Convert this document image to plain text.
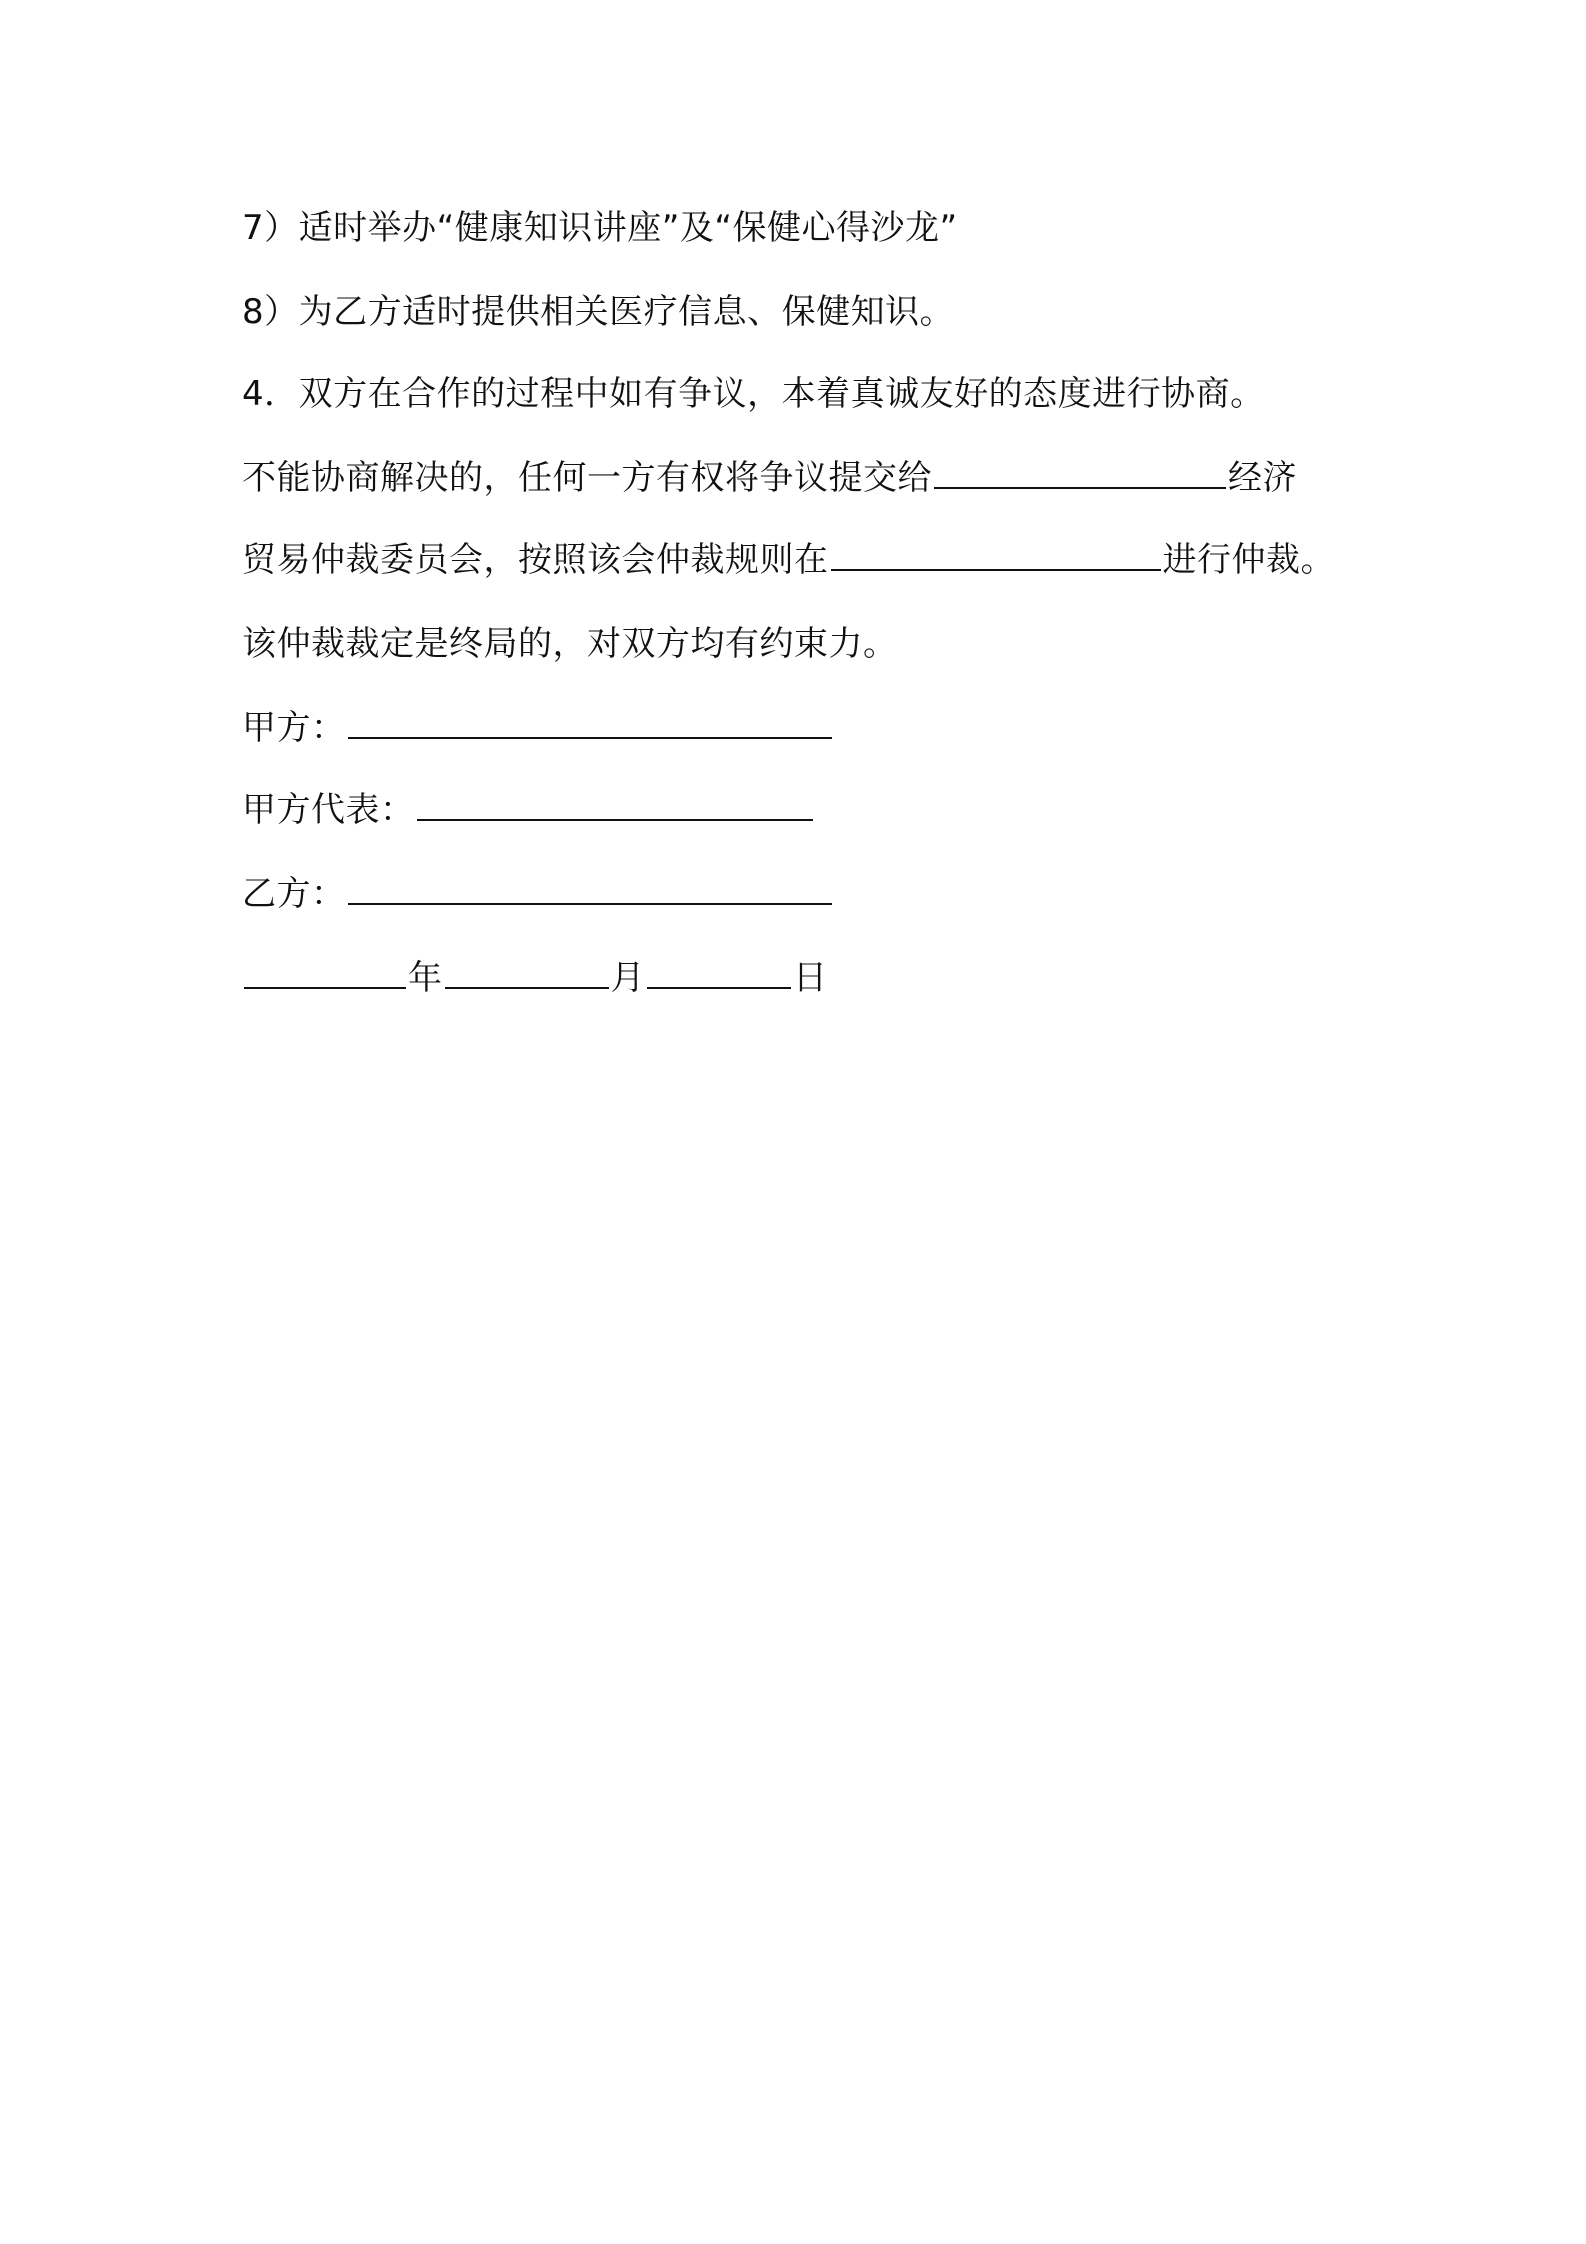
7）适时举办“健康知识讲座”及“保健心得沙龙”
8）为乙方适时提供相关医疗信息、保健知识。
4．双方在合作的过程中如有争议，本着真诚友好的态度进行协商。
不能协商解决的，任何一方有权将争议提交给	经济
贸易仲裁委员会，按照该会仲裁规则在	进行仲裁。
该仲裁裁定是终局的，对双方均有约束力。
甲方：
甲方代表：
乙方：
年	月	日
